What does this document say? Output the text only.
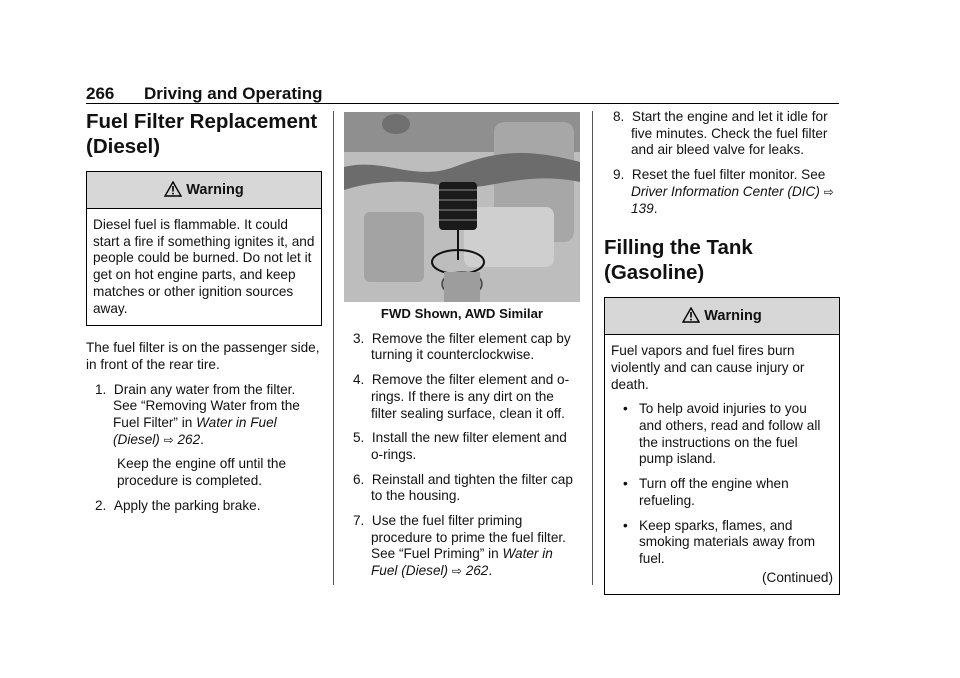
266 Driving and Operating
Fuel Filter Replacement
(Diesel)
Warning

Diesel fuel is flammable. It could start a fire if something ignites it, and people could be burned. Do not let it get on hot engine parts, and keep matches or other ignition sources away.

The fuel filter is on the passenger side, in front of the rear tire.

1. Drain any water from the filter. See “Removing Water from the Fuel Filter” in Water in Fuel (Diesel) ⇨ 262.

Keep the engine off until the procedure is completed.

2. Apply the parking brake.

FWD Shown, AWD Similar

3. Remove the filter element cap by turning it counterclockwise.

4. Remove the filter element and o-rings. If there is any dirt on the filter sealing surface, clean it off.

5. Install the new filter element and o-rings.

6. Reinstall and tighten the filter cap to the housing.

7. Use the fuel filter priming procedure to prime the fuel filter. See “Fuel Priming” in Water in Fuel (Diesel) ⇨ 262.

8. Start the engine and let it idle for five minutes. Check the fuel filter and air bleed valve for leaks.

9. Reset the fuel filter monitor. See Driver Information Center (DIC) ⇨ 139.

Filling the Tank
(Gasoline)
Warning

Fuel vapors and fuel fires burn violently and can cause injury or death.

• To help avoid injuries to you and others, read and follow all the instructions on the fuel pump island.

• Turn off the engine when refueling.

• Keep sparks, flames, and smoking materials away from fuel.

(Continued)
